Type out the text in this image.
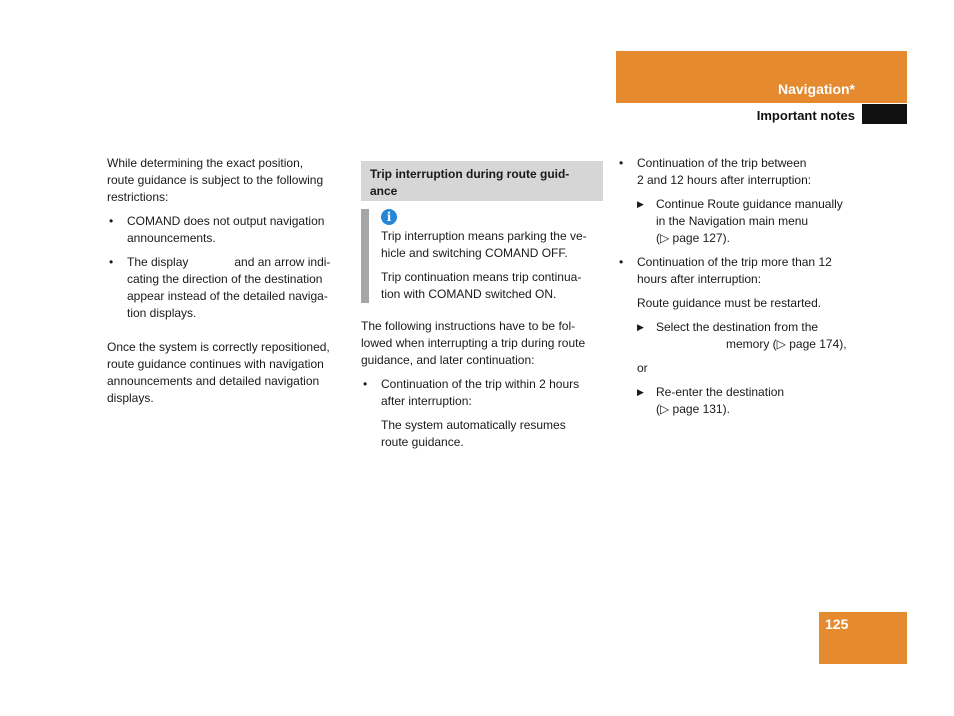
Navigation*
Important notes

While determining the exact position,
route guidance is subject to the following
restrictions:

• COMAND does not output navigation
announcements.
• The display	and an arrow indi-
cating the direction of the destination
appear instead of the detailed naviga-
tion displays.

Once the system is correctly repositioned,
route guidance continues with navigation
announcements and detailed navigation
displays.

Trip interruption during route guid-
ance
i

Trip interruption means parking the ve-
hicle and switching COMAND OFF.

Trip continuation means trip continua-
tion with COMAND switched ON.

The following instructions have to be fol-
lowed when interrupting a trip during route
guidance, and later continuation:

• Continuation of the trip within 2 hours
after interruption:

The system automatically resumes
route guidance.

• Continuation of the trip between
2 and 12 hours after interruption:
▶ Continue Route guidance manually
in the Navigation main menu
(▷ page 127).
• Continuation of the trip more than 12
hours after interruption:

Route guidance must be restarted.

▶ Select the destination from the
memory (▷ page 174),

or

▶ Re-enter the destination
(▷ page 131).
125
